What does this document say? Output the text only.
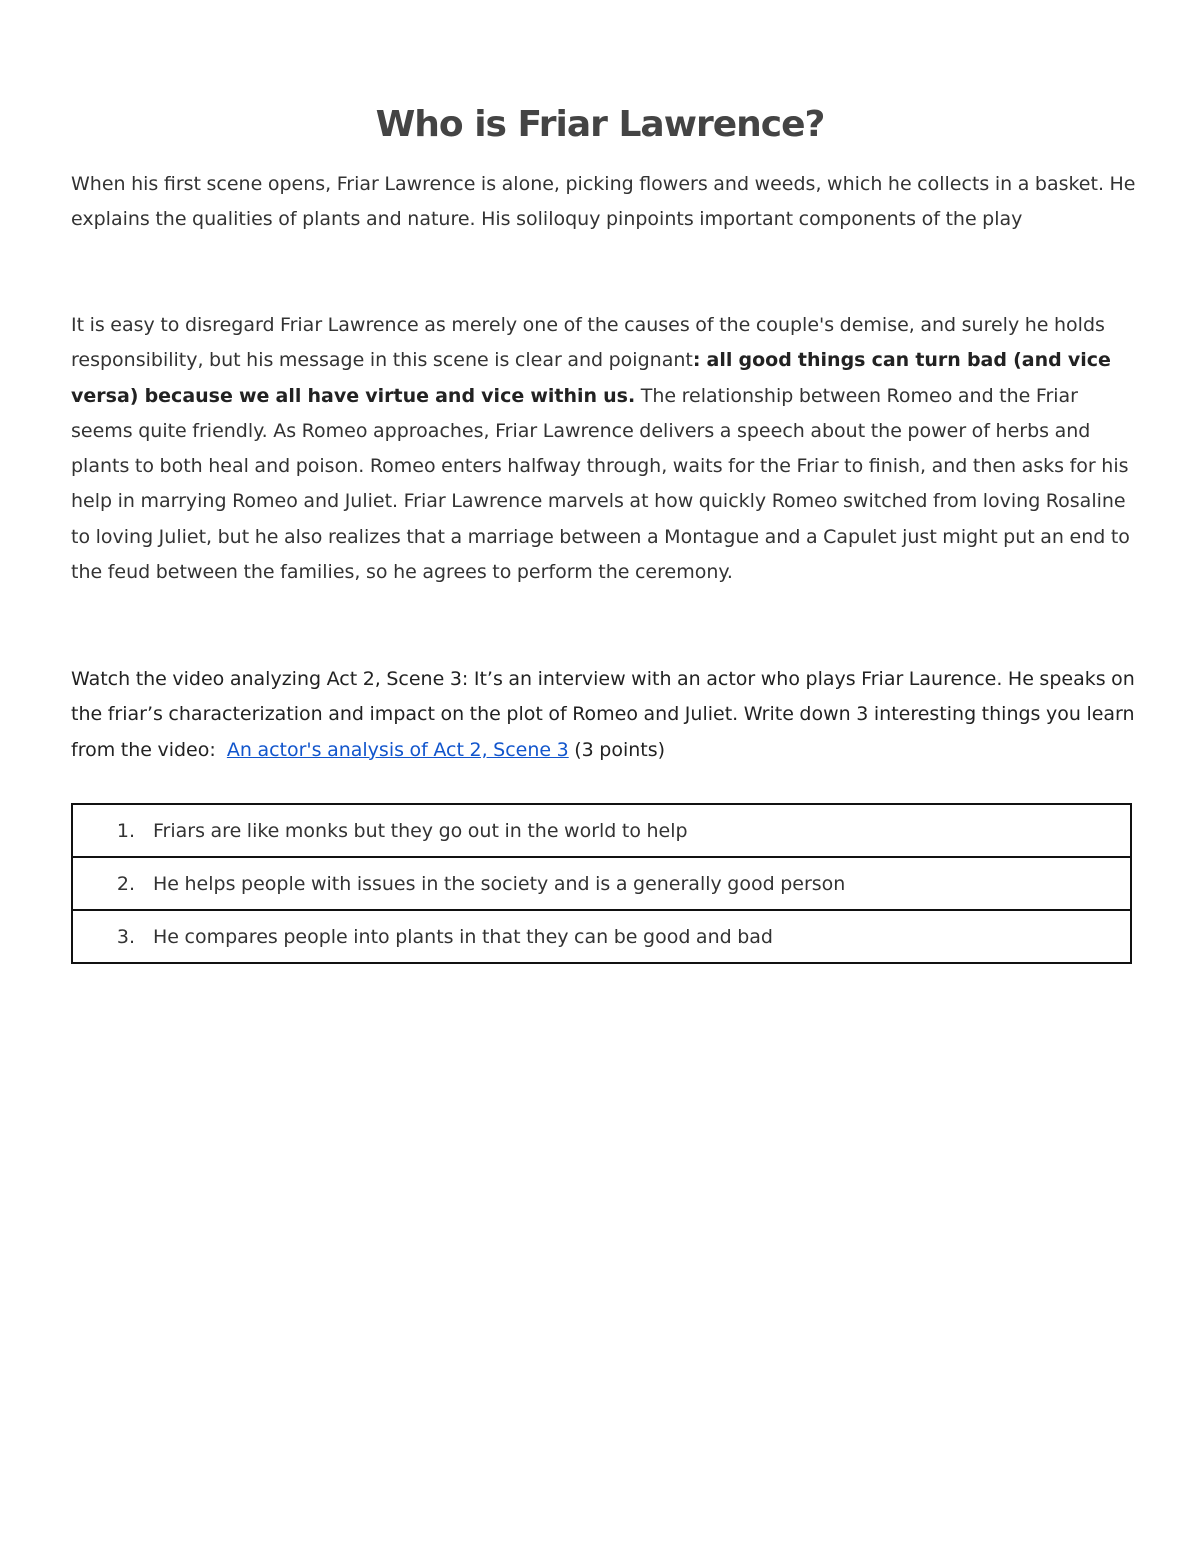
Who is Friar Lawrence?

When his first scene opens, Friar Lawrence is alone, picking flowers and weeds, which he collects in a basket. He explains the qualities of plants and nature. His soliloquy pinpoints important components of the play

It is easy to disregard Friar Lawrence as merely one of the causes of the couple's demise, and surely he holds responsibility, but his message in this scene is clear and poignant: all good things can turn bad (and vice versa) because we all have virtue and vice within us. The relationship between Romeo and the Friar seems quite friendly. As Romeo approaches, Friar Lawrence delivers a speech about the power of herbs and plants to both heal and poison. Romeo enters halfway through, waits for the Friar to finish, and then asks for his help in marrying Romeo and Juliet. Friar Lawrence marvels at how quickly Romeo switched from loving Rosaline to loving Juliet, but he also realizes that a marriage between a Montague and a Capulet just might put an end to the feud between the families, so he agrees to perform the ceremony.

Watch the video analyzing Act 2, Scene 3: It’s an interview with an actor who plays Friar Laurence. He speaks on the friar’s characterization and impact on the plot of Romeo and Juliet. Write down 3 interesting things you learn from the video:  An actor's analysis of Act 2, Scene 3 (3 points)

1. Friars are like monks but they go out in the world to help
2. He helps people with issues in the society and is a generally good person
3. He compares people into plants in that they can be good and bad
